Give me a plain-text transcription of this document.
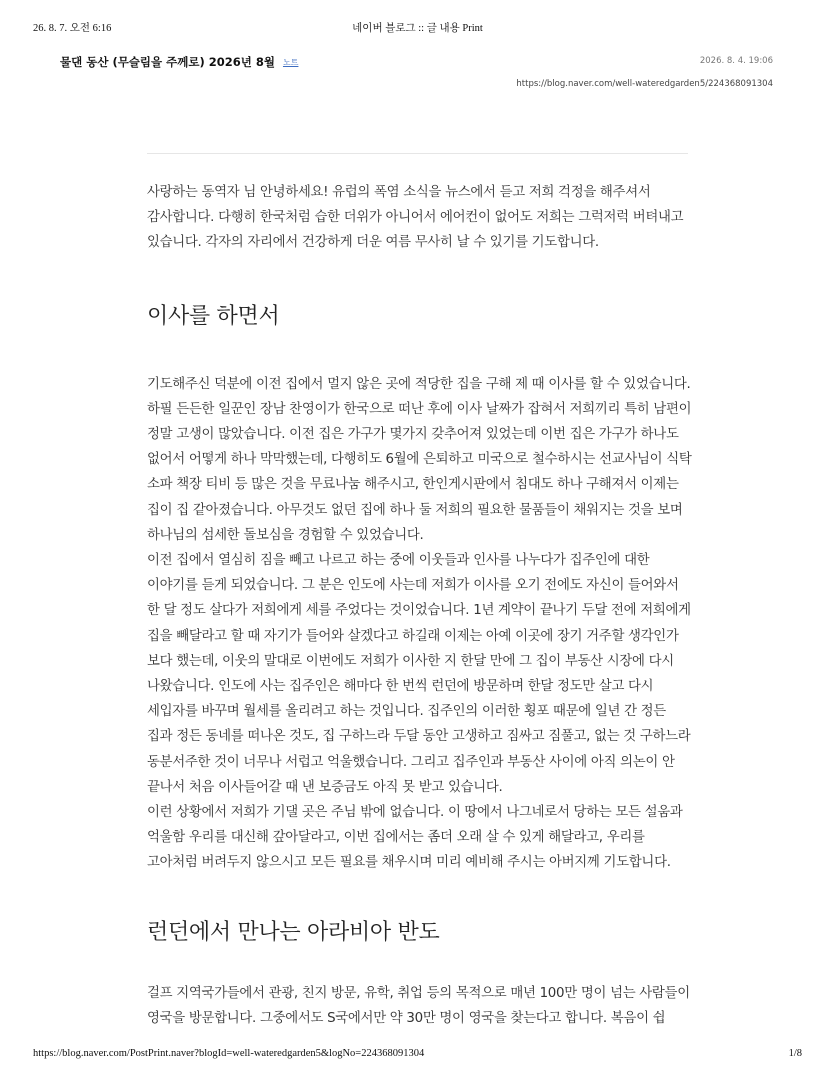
26. 8. 7. 오전 6:16	네이버 블로그 :: 글 내용 Print
물댄 동산 (무슬림을 주께로) 2026년 8월 노트	2026. 8. 4. 19:06
https://blog.naver.com/well-wateredgarden5/224368091304

사랑하는 동역자 님 안녕하세요! 유럽의 폭염 소식을 뉴스에서 듣고 저희 걱정을 해주셔서 감사합니다. 다행히 한국처럼 습한 더위가 아니어서 에어컨이 없어도 저희는 그럭저럭 버텨내고 있습니다. 각자의 자리에서 건강하게 더운 여름 무사히 날 수 있기를 기도합니다.

이사를 하면서

기도해주신 덕분에 이전 집에서 멀지 않은 곳에 적당한 집을 구해 제 때 이사를 할 수 있었습니다. 하필 든든한 일꾼인 장남 찬영이가 한국으로 떠난 후에 이사 날짜가 잡혀서 저희끼리 특히 남편이 정말 고생이 많았습니다. 이전 집은 가구가 몇가지 갖추어져 있었는데 이번 집은 가구가 하나도 없어서 어떻게 하나 막막했는데, 다행히도 6월에 은퇴하고 미국으로 철수하시는 선교사님이 식탁 소파 책장 티비 등 많은 것을 무료나눔 해주시고, 한인게시판에서 침대도 하나 구해져서 이제는 집이 집 같아졌습니다. 아무것도 없던 집에 하나 둘 저희의 필요한 물품들이 채워지는 것을 보며 하나님의 섬세한 돌보심을 경험할 수 있었습니다.

이전 집에서 열심히 짐을 빼고 나르고 하는 중에 이웃들과 인사를 나누다가 집주인에 대한 이야기를 듣게 되었습니다. 그 분은 인도에 사는데 저희가 이사를 오기 전에도 자신이 들어와서 한 달 정도 살다가 저희에게 세를 주었다는 것이었습니다. 1년 계약이 끝나기 두달 전에 저희에게 집을 빼달라고 할 때 자기가 들어와 살겠다고 하길래 이제는 아예 이곳에 장기 거주할 생각인가 보다 했는데, 이웃의 말대로 이번에도 저희가 이사한 지 한달 만에 그 집이 부동산 시장에 다시 나왔습니다. 인도에 사는 집주인은 해마다 한 번씩 런던에 방문하며 한달 정도만 살고 다시 세입자를 바꾸며 월세를 올리려고 하는 것입니다. 집주인의 이러한 횡포 때문에 일년 간 정든 집과 정든 동네를 떠나온 것도, 집 구하느라 두달 동안 고생하고 짐싸고 짐풀고, 없는 것 구하느라 동분서주한 것이 너무나 서럽고 억울했습니다. 그리고 집주인과 부동산 사이에 아직 의논이 안 끝나서 처음 이사들어갈 때 낸 보증금도 아직 못 받고 있습니다.

이런 상황에서 저희가 기댈 곳은 주님 밖에 없습니다. 이 땅에서 나그네로서 당하는 모든 설움과 억울함 우리를 대신해 갚아달라고, 이번 집에서는 좀더 오래 살 수 있게 해달라고, 우리를 고아처럼 버려두지 않으시고 모든 필요를 채우시며 미리 예비해 주시는 아버지께 기도합니다.

런던에서 만나는 아라비아 반도

걸프 지역국가들에서 관광, 친지 방문, 유학, 취업 등의 목적으로 매년 100만 명이 넘는 사람들이 영국을 방문합니다. 그중에서도 S국에서만 약 30만 명이 영국을 찾는다고 합니다. 복음이 쉽

https://blog.naver.com/PostPrint.naver?blogId=well-wateredgarden5&logNo=224368091304	1/8
